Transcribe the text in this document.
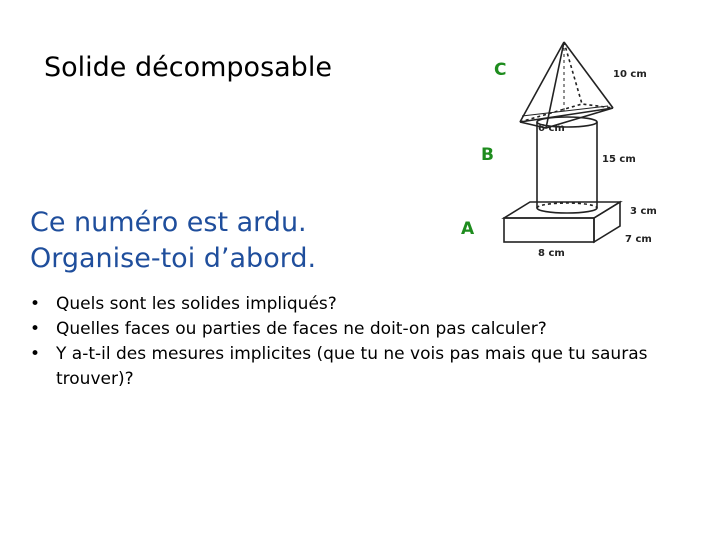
Solide décomposable	C
B
A
Ce numéro est ardu.
Organise-toi d’abord.
10 cm
6 cm
15 cm
3 cm
7 cm
8 cm
• Quels sont les solides impliqués?
• Quelles faces ou parties de faces ne doit-on pas calculer?
• Y a-t-il des mesures implicites (que tu ne vois pas mais que tu sauras trouver)?
